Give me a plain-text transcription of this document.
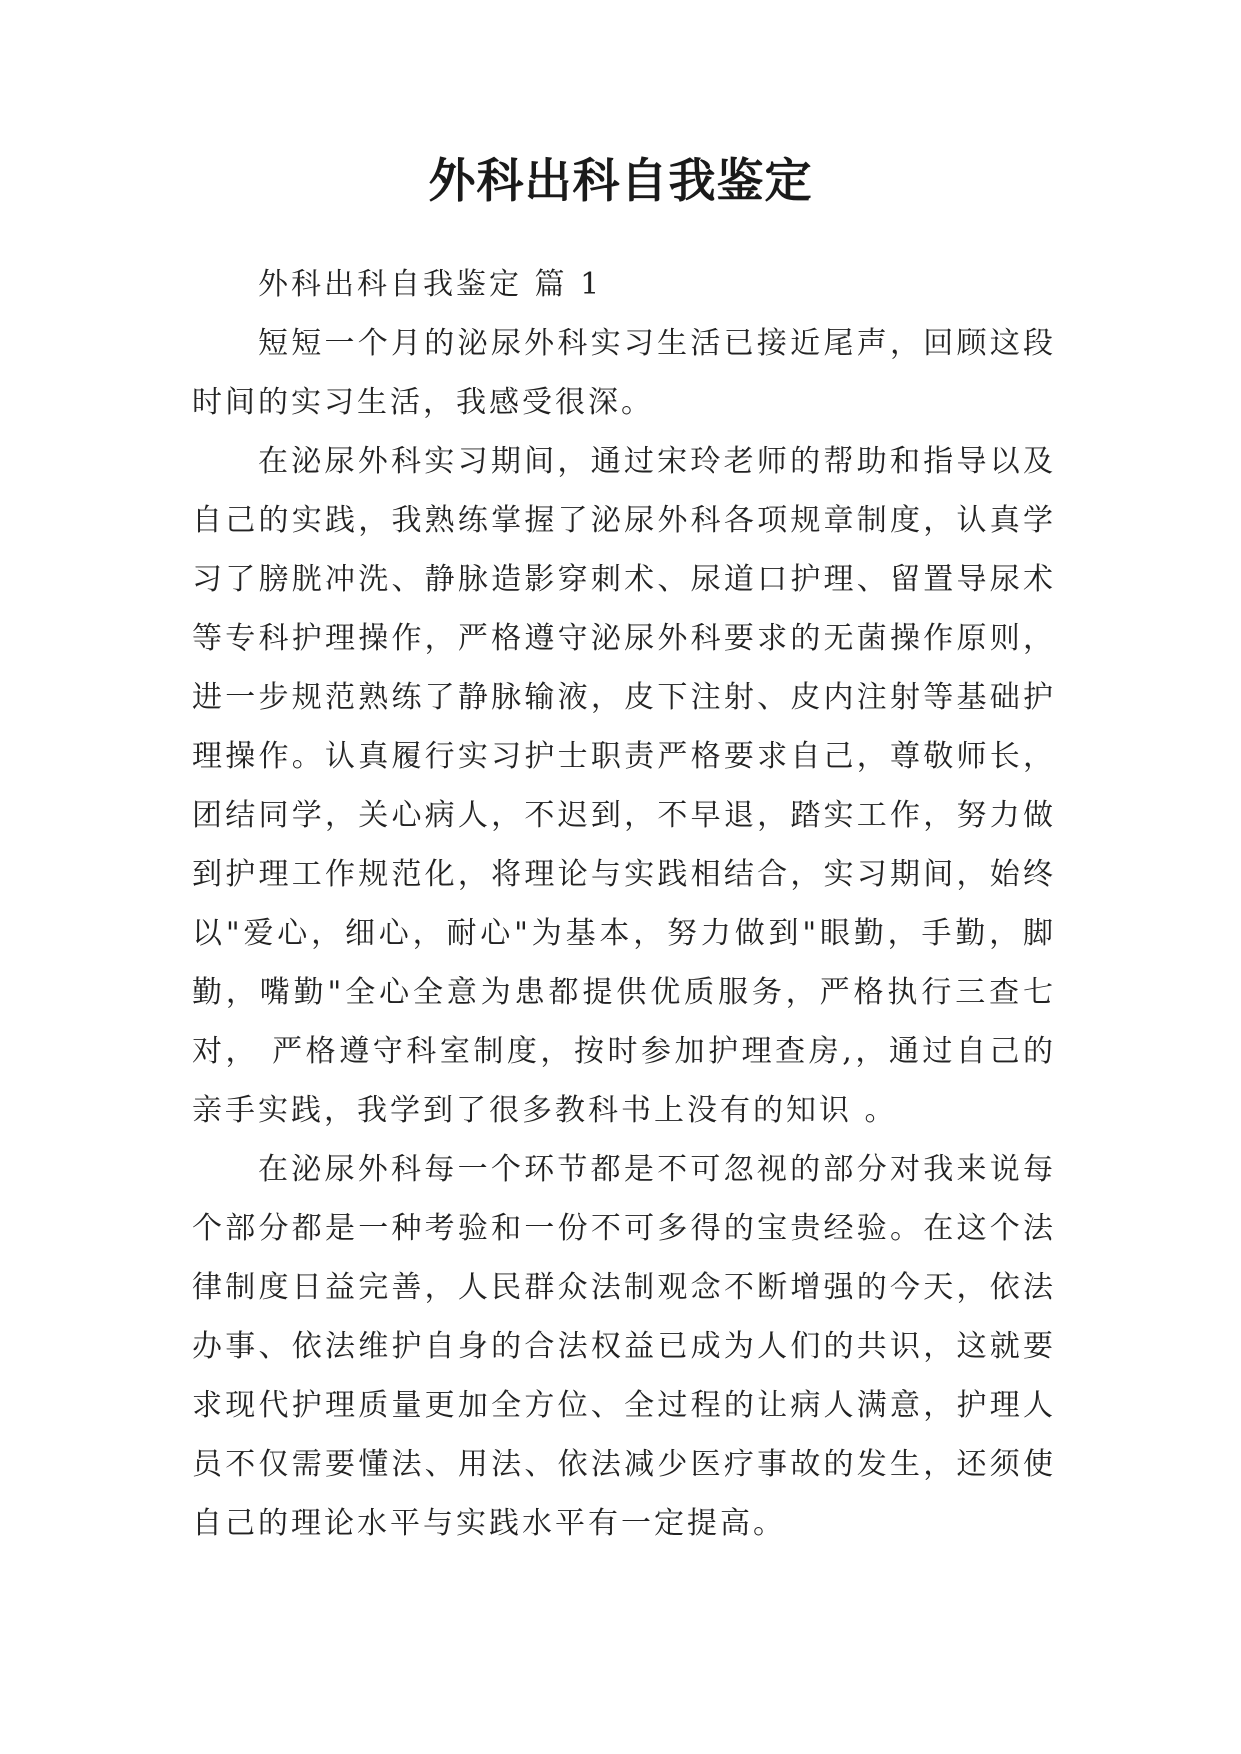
外科出科自我鉴定

外科出科自我鉴定 篇 1

短短一个月的泌尿外科实习生活已接近尾声，回顾这段时间的实习生活，我感受很深。

在泌尿外科实习期间，通过宋玲老师的帮助和指导以及自己的实践，我熟练掌握了泌尿外科各项规章制度，认真学习了膀胱冲洗、静脉造影穿刺术、尿道口护理、留置导尿术等专科护理操作，严格遵守泌尿外科要求的无菌操作原则，进一步规范熟练了静脉输液，皮下注射、皮内注射等基础护理操作。认真履行实习护士职责严格要求自己，尊敬师长，团结同学，关心病人，不迟到，不早退，踏实工作，努力做到护理工作规范化，将理论与实践相结合，实习期间，始终以"爱心，细心，耐心"为基本，努力做到"眼勤，手勤，脚勤，嘴勤"全心全意为患都提供优质服务，严格执行三查七对， 严格遵守科室制度，按时参加护理查房,，通过自己的亲手实践，我学到了很多教科书上没有的知识 。

在泌尿外科每一个环节都是不可忽视的部分对我来说每个部分都是一种考验和一份不可多得的宝贵经验。在这个法律制度日益完善，人民群众法制观念不断增强的今天，依法办事、依法维护自身的合法权益已成为人们的共识，这就要求现代护理质量更加全方位、全过程的让病人满意，护理人员不仅需要懂法、用法、依法减少医疗事故的发生，还须使自己的理论水平与实践水平有一定提高。
